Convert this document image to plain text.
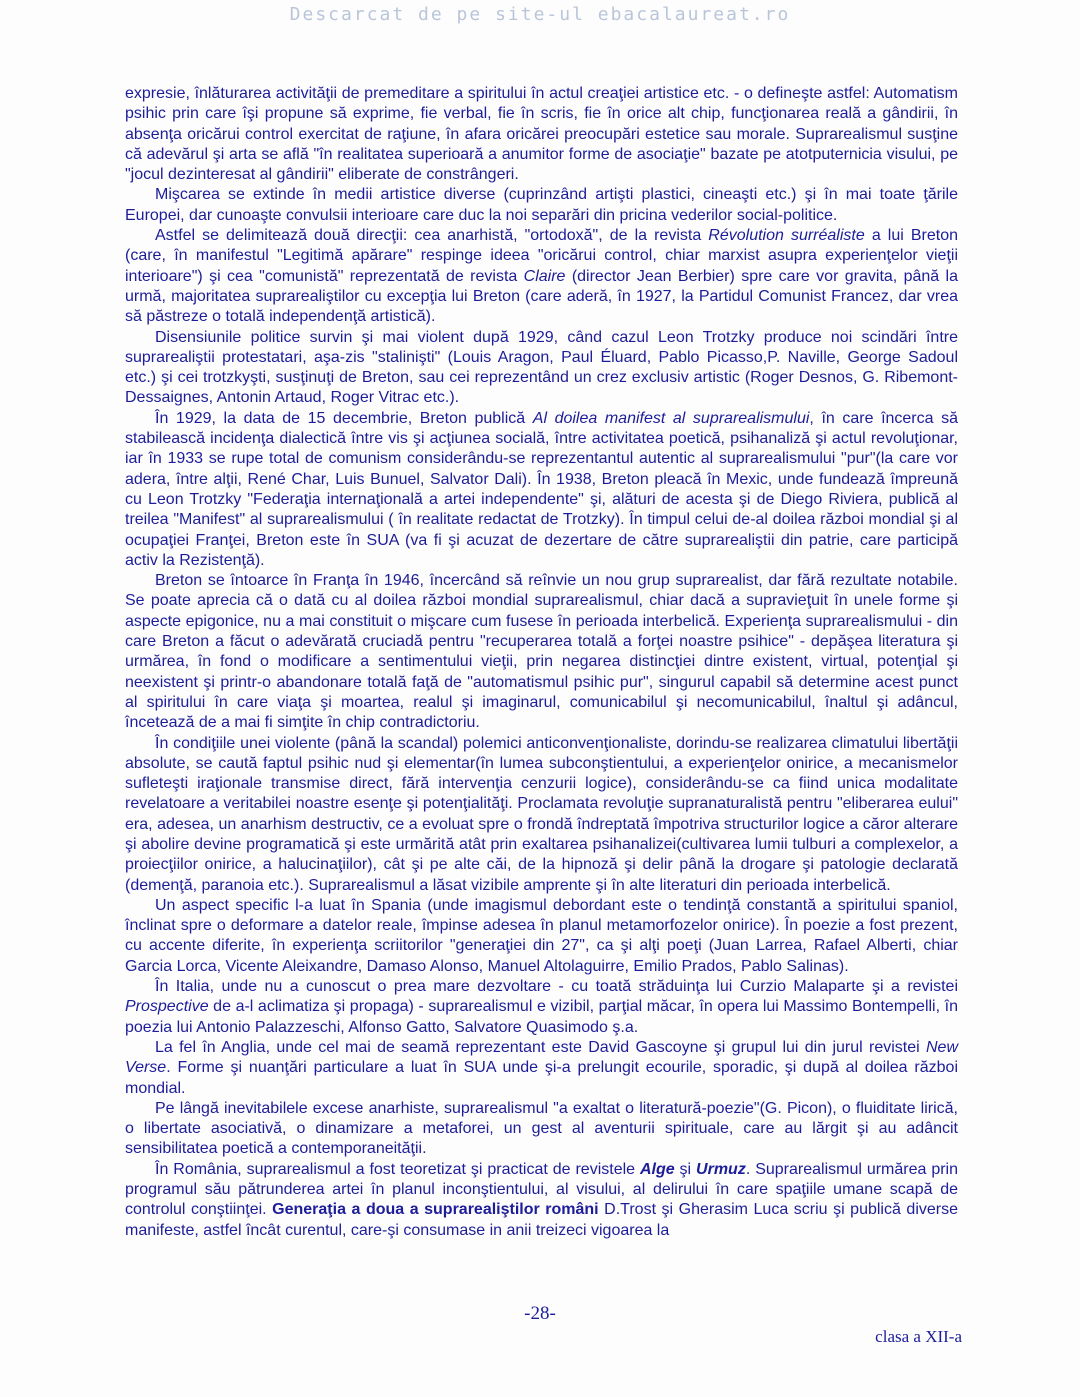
Descarcat de pe site-ul ebacalaureat.ro

expresie, înlăturarea activităţii de premeditare a spiritului în actul creaţiei artistice etc. - o defineşte astfel: Automatism psihic prin care îşi propune să exprime, fie verbal, fie în scris, fie în orice alt chip, funcţionarea reală a gândirii, în absenţa oricărui control exercitat de raţiune, în afara oricărei preocupări estetice sau morale. Suprarealismul susţine că adevărul şi arta se află "în realitatea superioară a anumitor forme de asociaţie" bazate pe atotputernicia visului, pe "jocul dezinteresat al gândirii" eliberate de constrângeri.

Mişcarea se extinde în medii artistice diverse (cuprinzând artişti plastici, cineaşti etc.) şi în mai toate ţările Europei, dar cunoaşte convulsii interioare care duc la noi separări din pricina vederilor social-politice.

Astfel se delimitează două direcţii: cea anarhistă, "ortodoxă", de la revista Révolution surréaliste a lui Breton (care, în manifestul "Legitimă apărare" respinge ideea "oricărui control, chiar marxist asupra experienţelor vieţii interioare") şi cea "comunistă" reprezentată de revista Claire (director Jean Berbier) spre care vor gravita, până la urmă, majoritatea suprarealiştilor cu excepţia lui Breton (care aderă, în 1927, la Partidul Comunist Francez, dar vrea să păstreze o totală independenţă artistică).

Disensiunile politice survin şi mai violent după 1929, când cazul Leon Trotzky produce noi scindări între suprarealiştii protestatari, aşa-zis "stalinişti" (Louis Aragon, Paul Éluard, Pablo Picasso,P. Naville, George Sadoul etc.) şi cei trotzkyşti, susţinuţi de Breton, sau cei reprezentând un crez exclusiv artistic (Roger Desnos, G. Ribemont-Dessaignes, Antonin Artaud, Roger Vitrac etc.).

În 1929, la data de 15 decembrie, Breton publică Al doilea manifest al suprarealismului, în care încerca să stabilească incidenţa dialectică între vis şi acţiunea socială, între activitatea poetică, psihanaliză şi actul revoluţionar, iar în 1933 se rupe total de comunism considerându-se reprezentantul autentic al suprarealismului "pur"(la care vor adera, între alţii, René Char, Luis Bunuel, Salvator Dali). În 1938, Breton pleacă în Mexic, unde fundează împreună cu Leon Trotzky "Federaţia internaţională a artei independente" şi, alături de acesta şi de Diego Riviera, publică al treilea "Manifest" al suprarealismului ( în realitate redactat de Trotzky). În timpul celui de-al doilea război mondial şi al ocupaţiei Franţei, Breton este în SUA (va fi şi acuzat de dezertare de către suprarealiştii din patrie, care participă activ la Rezistenţă).

Breton se întoarce în Franţa în 1946, încercând să reînvie un nou grup suprarealist, dar fără rezultate notabile. Se poate aprecia că o dată cu al doilea război mondial suprarealismul, chiar dacă a supravieţuit în unele forme şi aspecte epigonice, nu a mai constituit o mişcare cum fusese în perioada interbelică. Experienţa suprarealismului - din care Breton a făcut o adevărată cruciadă pentru "recuperarea totală a forţei noastre psihice" - depăşea literatura şi urmărea, în fond o modificare a sentimentului vieţii, prin negarea distincţiei dintre existent, virtual, potenţial şi neexistent şi printr-o abandonare totală faţă de "automatismul psihic pur", singurul capabil să determine acest punct al spiritului în care viaţa şi moartea, realul şi imaginarul, comunicabilul şi necomunicabilul, înaltul şi adâncul, încetează de a mai fi simţite în chip contradictoriu.

În condiţiile unei violente (până la scandal) polemici anticonvenţionaliste, dorindu-se realizarea climatului libertăţii absolute, se caută faptul psihic nud şi elementar(în lumea subconştientului, a experienţelor onirice, a mecanismelor sufleteşti iraţionale transmise direct, fără intervenţia cenzurii logice), considerându-se ca fiind unica modalitate revelatoare a veritabilei noastre esenţe şi potenţialităţi. Proclamata revoluţie supranaturalistă pentru "eliberarea eului" era, adesea, un anarhism destructiv, ce a evoluat spre o frondă îndreptată împotriva structurilor logice a căror alterare şi abolire devine programatică şi este urmărită atât prin exaltarea psihanalizei(cultivarea lumii tulburi a complexelor, a proiecţiilor onirice, a halucinaţiilor), cât şi pe alte căi, de la hipnoză şi delir până la drogare şi patologie declarată (demenţă, paranoia etc.). Suprarealismul a lăsat vizibile amprente şi în alte literaturi din perioada interbelică.

Un aspect specific l-a luat în Spania (unde imagismul debordant este o tendinţă constantă a spiritului spaniol, înclinat spre o deformare a datelor reale, împinse adesea în planul metamorfozelor onirice). În poezie a fost prezent, cu accente diferite, în experienţa scriitorilor "generaţiei din 27", ca şi alţi poeţi (Juan Larrea, Rafael Alberti, chiar Garcia Lorca, Vicente Aleixandre, Damaso Alonso, Manuel Altolaguirre, Emilio Prados, Pablo Salinas).

În Italia, unde nu a cunoscut o prea mare dezvoltare - cu toată străduinţa lui Curzio Malaparte şi a revistei Prospective de a-l aclimatiza şi propaga) - suprarealismul e vizibil, parţial măcar, în opera lui Massimo Bontempelli, în poezia lui Antonio Palazzeschi, Alfonso Gatto, Salvatore Quasimodo ş.a.

La fel în Anglia, unde cel mai de seamă reprezentant este David Gascoyne şi grupul lui din jurul revistei New Verse. Forme şi nuanţări particulare a luat în SUA unde şi-a prelungit ecourile, sporadic, şi după al doilea război mondial.

Pe lângă inevitabilele excese anarhiste, suprarealismul "a exaltat o literatură-poezie"(G. Picon), o fluiditate lirică, o libertate asociativă, o dinamizare a metaforei, un gest al aventurii spirituale, care au lărgit şi au adâncit sensibilitatea poetică a contemporaneităţii.

În România, suprarealismul a fost teoretizat şi practicat de revistele Alge şi Urmuz. Suprarealismul urmărea prin programul său pătrunderea artei în planul inconştientului, al visului, al delirului în care spaţiile umane scapă de controlul conştiinţei. Generaţia a doua a suprarealiştilor români D.Trost şi Gherasim Luca scriu şi publică diverse manifeste, astfel încât curentul, care-şi consumase in anii treizeci vigoarea la

-28-
clasa a XII-a
